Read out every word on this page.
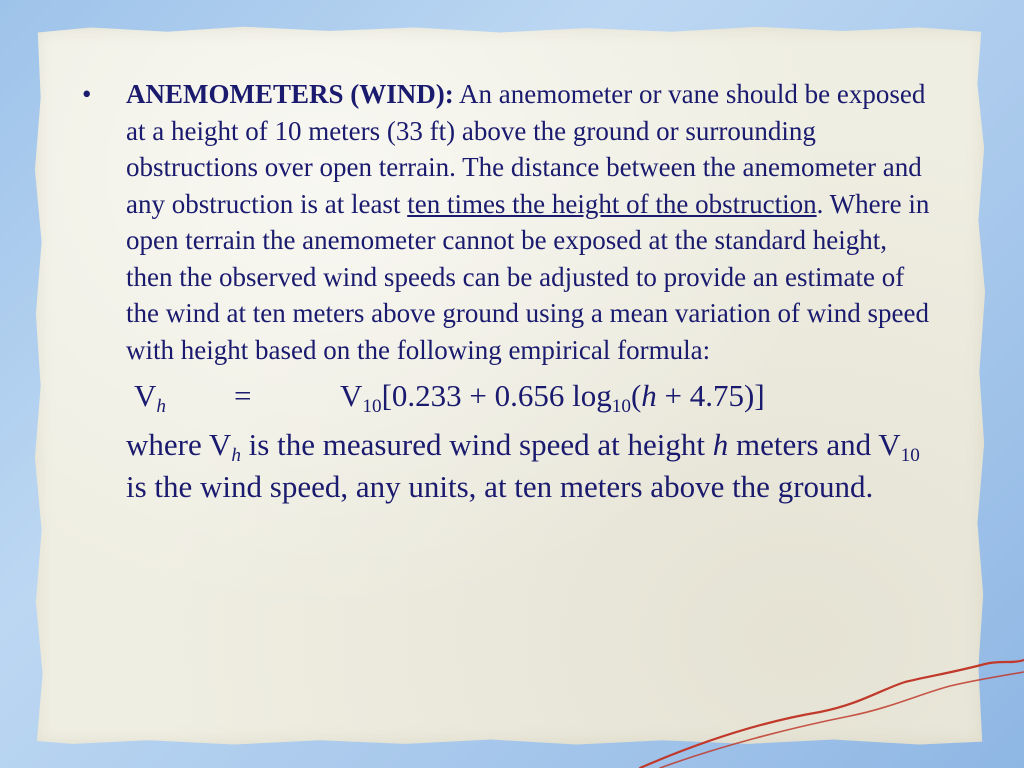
•	ANEMOMETERS (WIND): An anemometer or vane should be exposed at a height of 10 meters (33 ft) above the ground or surrounding obstructions over open terrain. The distance between the anemometer and any obstruction is at least ten times the height of the obstruction. Where in open terrain the anemometer cannot be exposed at the standard height, then the observed wind speeds can be adjusted to provide an estimate of the wind at ten meters above ground using a mean variation of wind speed with height based on the following empirical formula:
$V_h$ =	$V_{10}[0.233 + 0.656$ $\log_{10}(h + 4.75)$]
where $V_h$ is the measured wind speed at height h meters and $V_{10}$ is the wind speed, any units, at ten meters above the ground.
